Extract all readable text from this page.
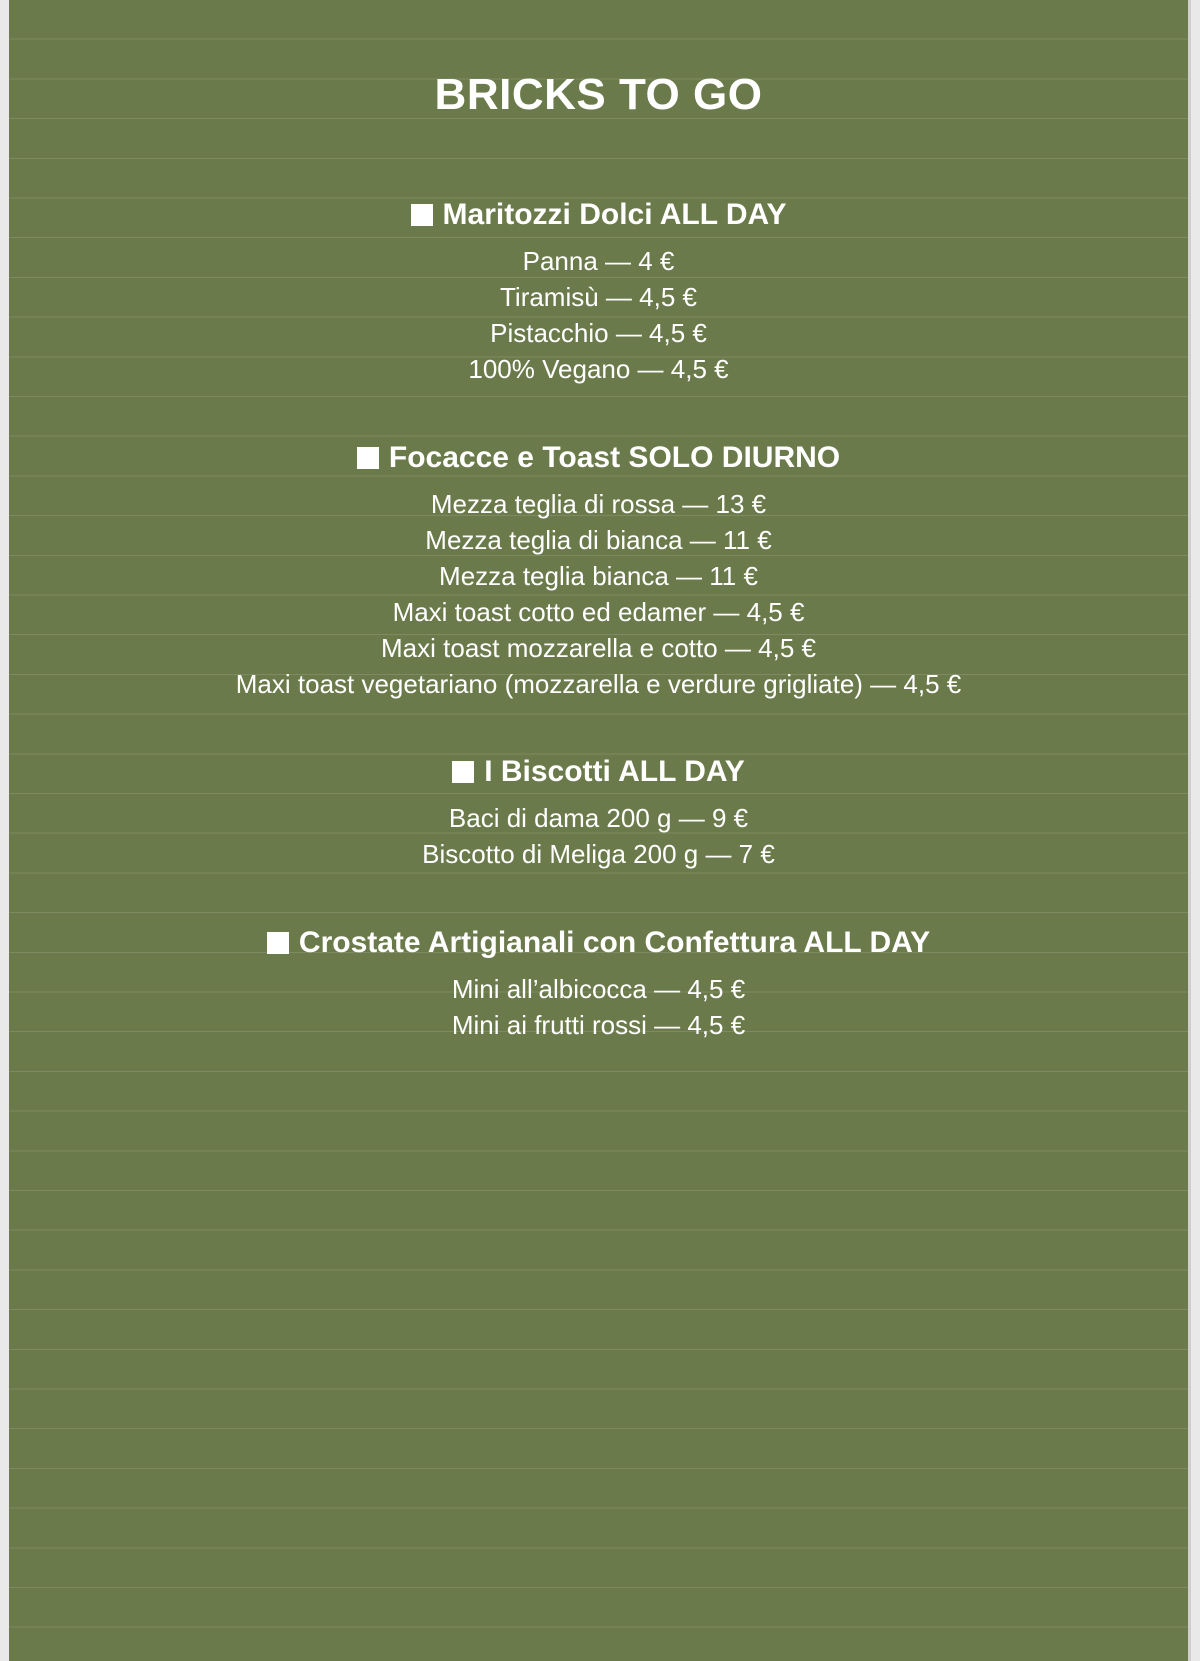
BRICKS TO GO
Maritozzi Dolci ALL DAY
Panna — 4 €
Tiramisù — 4,5 €
Pistacchio — 4,5 €
100% Vegano — 4,5 €
Focacce e Toast SOLO DIURNO
Mezza teglia di rossa — 13 €
Mezza teglia di bianca — 11 €
Mezza teglia bianca — 11 €
Maxi toast cotto ed edamer — 4,5 €
Maxi toast mozzarella e cotto — 4,5 €
Maxi toast vegetariano (mozzarella e verdure grigliate) — 4,5 €
I Biscotti ALL DAY
Baci di dama 200 g — 9 €
Biscotto di Meliga 200 g — 7 €
Crostate Artigianali con Confettura ALL DAY
Mini all’albicocca — 4,5 €
Mini ai frutti rossi — 4,5 €
